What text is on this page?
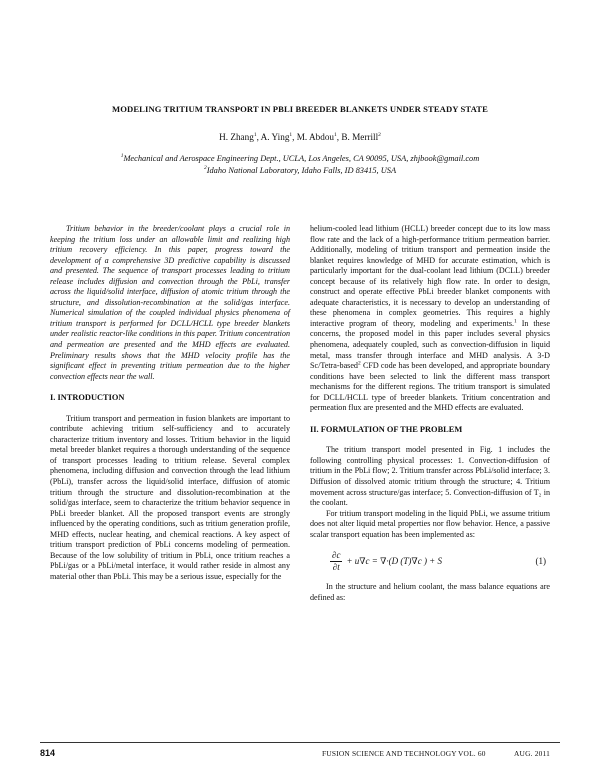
MODELING TRITIUM TRANSPORT IN PBLI BREEDER BLANKETS UNDER STEADY STATE
H. Zhang$^1$, A. Ying$^1$, M. Abdou$^1$, B. Merrill$^2$
$^1$Mechanical and Aerospace Engineering Dept., UCLA, Los Angeles, CA 90095, USA, zhjbook@gmail.com
$^2$Idaho National Laboratory, Idaho Falls, ID 83415, USA

Tritium behavior in the breeder/coolant plays a crucial role in keeping the tritium loss under an allowable limit and realizing high tritium recovery efficiency. In this paper, progress toward the development of a comprehensive 3D predictive capability is discussed and presented. The sequence of transport processes leading to tritium release includes diffusion and convection through the PbLi, transfer across the liquid/solid interface, diffusion of atomic tritium through the structure, and dissolution-recombination at the solid/gas interface. Numerical simulation of the coupled individual physics phenomena of tritium transport is performed for DCLL/HCLL type breeder blankets under realistic reactor-like conditions in this paper. Tritium concentration and permeation are presented and the MHD effects are evaluated. Preliminary results shows that the MHD velocity profile has the significant effect in preventing tritium permeation due to the higher convection effects near the wall.

I. INTRODUCTION

Tritium transport and permeation in fusion blankets are important to contribute achieving tritium self-sufficiency and to accurately characterize tritium inventory and losses. Tritium behavior in the liquid metal breeder blanket requires a thorough understanding of the sequence of transport processes leading to tritium release. Several complex phenomena, including diffusion and convection through the lead lithium (PbLi), transfer across the liquid/solid interface, diffusion of atomic tritium through the structure and dissolution-recombination at the solid/gas interface, seem to characterize the tritium behavior sequence in PbLi breeder blanket. All the proposed transport events are strongly influenced by the operating conditions, such as tritium generation profile, MHD effects, nuclear heating, and chemical reactions. A key aspect of tritium transport prediction of PbLi concerns modeling of permeation. Because of the low solubility of tritium in PbLi, once tritium reaches a PbLi/gas or a PbLi/metal interface, it would rather reside in almost any material other than PbLi. This may be a serious issue, especially for the

helium-cooled lead lithium (HCLL) breeder concept due to its low mass flow rate and the lack of a high-performance tritium permeation barrier. Additionally, modeling of tritium transport and permeation inside the blanket requires knowledge of MHD for accurate estimation, which is particularly important for the dual-coolant lead lithium (DCLL) breeder concept because of its relatively high flow rate. In order to design, construct and operate effective PbLi breeder blanket components with adequate characteristics, it is necessary to develop an understanding of these phenomena in complex geometries. This requires a highly interactive program of theory, modeling and experiments.$^1$ In these concerns, the proposed model in this paper includes several physics phenomena, adequately coupled, such as convection-diffusion in liquid metal, mass transfer through interface and MHD analysis. A 3-D Sc/Tetra-based$^2$ CFD code has been developed, and appropriate boundary conditions have been selected to link the different mass transport mechanisms for the different regions. The tritium transport is simulated for DCLL/HCLL type of breeder blankets. Tritium concentration and permeation flux are presented and the MHD effects are evaluated.

II. FORMULATION OF THE PROBLEM

The tritium transport model presented in Fig. 1 includes the following controlling physical processes: 1. Convection-diffusion of tritium in the PbLi flow; 2. Tritium transfer across PbLi/solid interface; 3. Diffusion of dissolved atomic tritium through the structure; 4. Tritium movement across structure/gas interface; 5. Convection-diffusion of T₂ in the coolant.

For tritium transport modeling in the liquid PbLi, we assume tritium does not alter liquid metal properties nor flow behavior. Hence, a passive scalar transport equation has been implemented as:

$\frac{\partial c}{\partial t} + u\nabla c = \nabla\cdot(D$ (T)∇c ) + S	(1)

In the structure and helium coolant, the mass balance equations are defined as:

814	FUSION SCIENCE AND TECHNOLOGY VOL. 60	AUG. 2011
